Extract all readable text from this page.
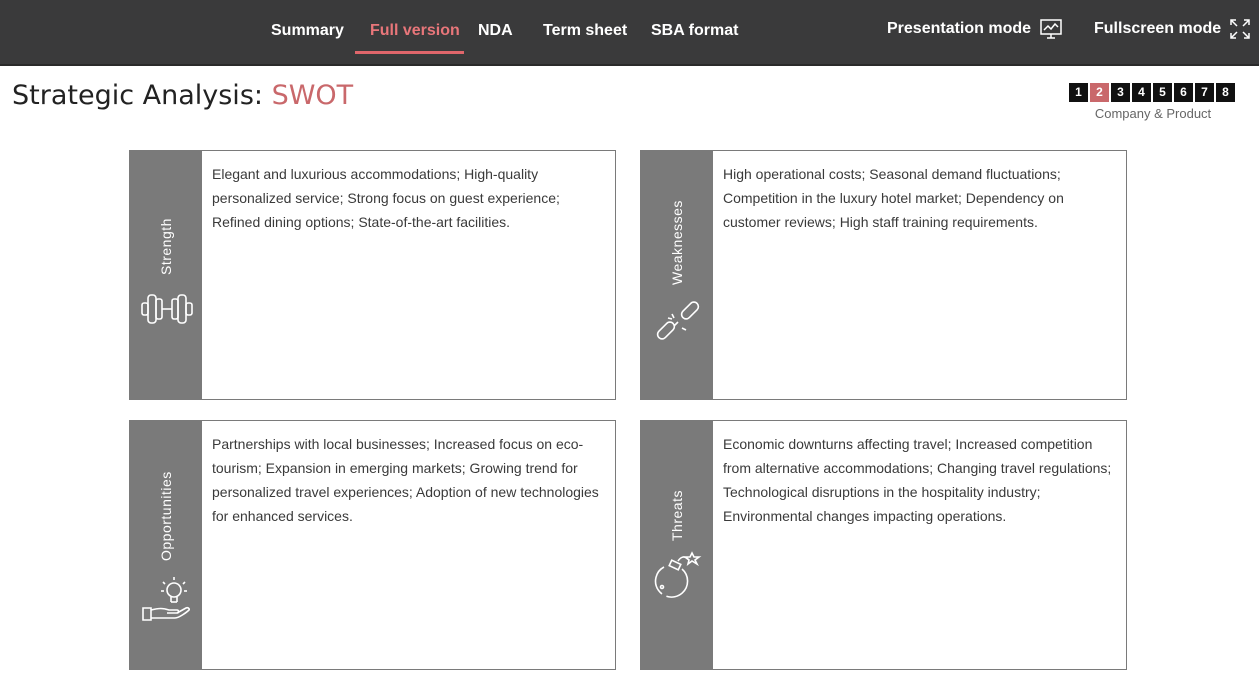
Summary Full version NDA Term sheet SBA format	Presentation mode	Fullscreen mode
Strategic Analysis: SWOT	1	2	3	4	5	6	7	8
Company & Product
Strength
Elegant and luxurious accommodations; High-quality personalized service; Strong focus on guest experience; Refined dining options; State-of-the-art facilities.	Weaknesses
High operational costs; Seasonal demand fluctuations; Competition in the luxury hotel market; Dependency on customer reviews; High staff training requirements.
Opportunities
Partnerships with local businesses; Increased focus on eco-tourism; Expansion in emerging markets; Growing trend for personalized travel experiences; Adoption of new technologies for enhanced services.	Threats
Economic downturns affecting travel; Increased competition from alternative accommodations; Changing travel regulations; Technological disruptions in the hospitality industry; Environmental changes impacting operations.
